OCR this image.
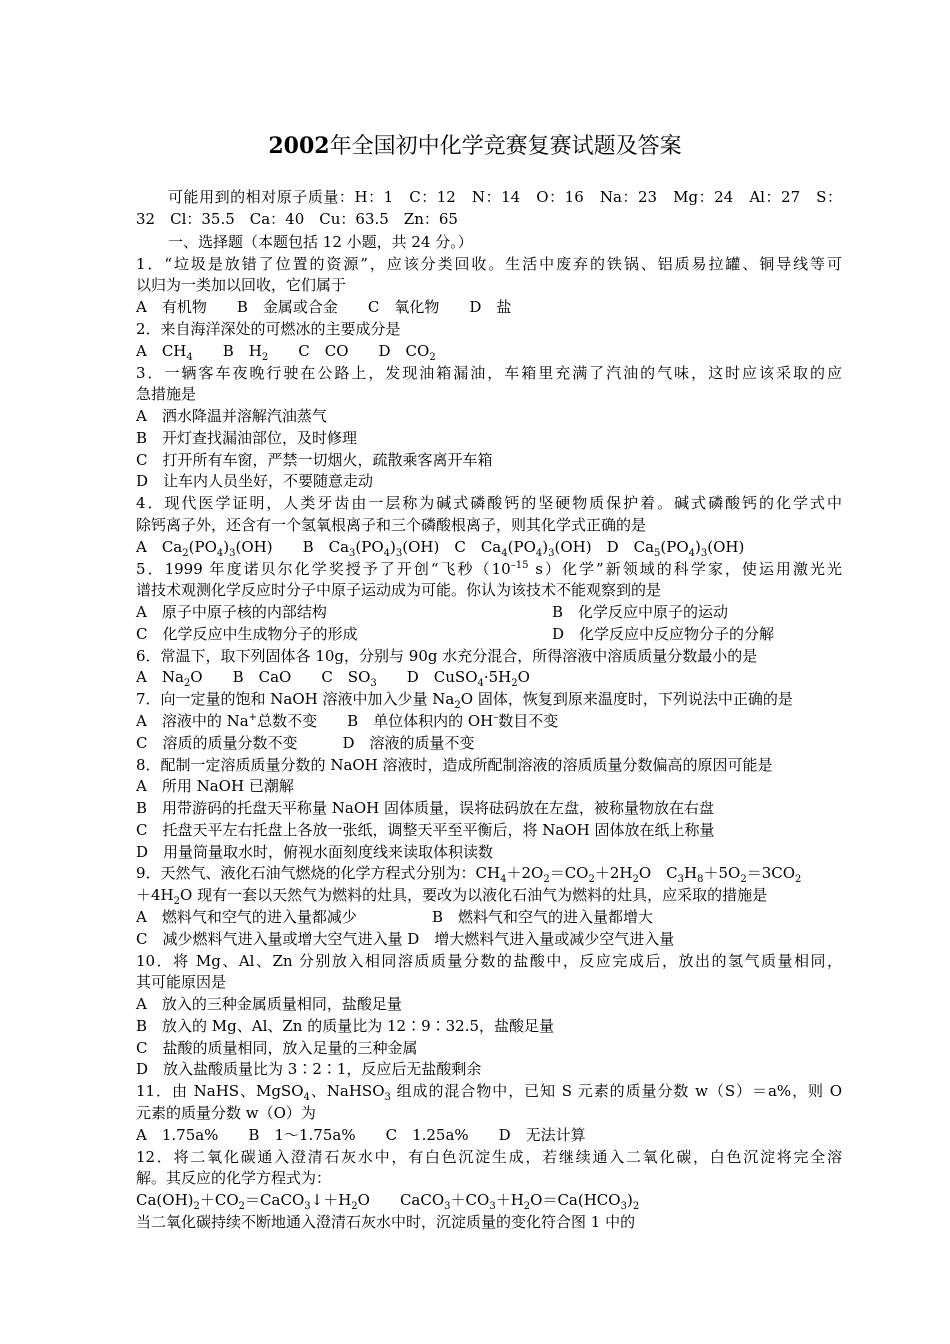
2002年全国初中化学竞赛复赛试题及答案
可能用到的相对原子质量：H：1　C：12　N：14　O：16　Na：23　Mg：24　Al：27　S：
32　Cl：35.5　Ca：40　Cu：63.5　Zn：65
一、选择题（本题包括 12 小题，共 24 分。）
1．“垃圾是放错了位置的资源”，应该分类回收。生活中废弃的铁锅、铝质易拉罐、铜导线等可
以归为一类加以回收，它们属于
A　有机物　　B　金属或合金　　C　氧化物　　D　盐
2．来自海洋深处的可燃冰的主要成分是
A　$CH_4$　　B　$H_2$　　C　CO　　D　$CO_2$
3．一辆客车夜晚行驶在公路上，发现油箱漏油，车箱里充满了汽油的气味，这时应该采取的应
急措施是
A　洒水降温并溶解汽油蒸气
B　开灯查找漏油部位，及时修理
C　打开所有车窗，严禁一切烟火，疏散乘客离开车箱
D　让车内人员坐好，不要随意走动
4．现代医学证明，人类牙齿由一层称为碱式磷酸钙的坚硬物质保护着。碱式磷酸钙的化学式中
除钙离子外，还含有一个氢氧根离子和三个磷酸根离子，则其化学式正确的是
A　$Ca_2(PO_4)_3(OH)$　　B　$Ca_3(PO_4)_3(OH)$　C　$Ca_4(PO_4)_3(OH)$　D　$Ca_5(PO_4)_3(OH)$
5．1999 年度诺贝尔化学奖授予了开创“飞秒（$10^{-15}$ s）化学”新领域的科学家，使运用激光光
谱技术观测化学反应时分子中原子运动成为可能。你认为该技术不能观察到的是
A　原子中原子核的内部结构	B　化学反应中原子的运动
C　化学反应中生成物分子的形成	D　化学反应中反应物分子的分解
6．常温下，取下列固体各 10g，分别与 90g 水充分混合，所得溶液中溶质质量分数最小的是
A　$Na_2O$　　B　CaO　　C　$SO_3$　　D　$CuSO_4\cdot 5H_2O$
7．向一定量的饱和 NaOH 溶液中加入少量 $Na_2O$ 固体，恢复到原来温度时，下列说法中正确的是
A　溶液中的 Na+总数不变　　B　单位体积内的 OH–数目不变
C　溶质的质量分数不变　　　D　溶液的质量不变
8．配制一定溶质质量分数的 NaOH 溶液时，造成所配制溶液的溶质质量分数偏高的原因可能是
A　所用 NaOH 已潮解
B　用带游码的托盘天平称量 NaOH 固体质量，误将砝码放在左盘，被称量物放在右盘
C　托盘天平左右托盘上各放一张纸，调整天平至平衡后，将 NaOH 固体放在纸上称量
D　用量筒量取水时，俯视水面刻度线来读取体积读数
9．天然气、液化石油气燃烧的化学方程式分别为：$CH_4+2O_2=CO_2+2H_2O$　$C_3H_8+5O_2=3CO_2$
$+4H_2O$ 现有一套以天然气为燃料的灶具，要改为以液化石油气为燃料的灶具，应采取的措施是
A　燃料气和空气的进入量都减少	B　燃料气和空气的进入量都增大
C　减少燃料气进入量或增大空气进入量 D　增大燃料气进入量或减少空气进入量
10．将 Mg、Al、Zn 分别放入相同溶质质量分数的盐酸中，反应完成后，放出的氢气质量相同，
其可能原因是
A　放入的三种金属质量相同，盐酸足量
B　放入的 Mg、Al、Zn 的质量比为 12∶9∶32.5，盐酸足量
C　盐酸的质量相同，放入足量的三种金属
D　放入盐酸质量比为 3∶2∶1，反应后无盐酸剩余
11．由 NaHS、MgSO$_4$、NaHSO$_3$ 组成的混合物中，已知 S 元素的质量分数 w（S）＝a%，则 O
元素的质量分数 w（O）为
A　1.75a%　　B　1～1.75a%　　C　1.25a%　　D　无法计算
12．将二氧化碳通入澄清石灰水中，有白色沉淀生成，若继续通入二氧化碳，白色沉淀将完全溶
解。其反应的化学方程式为：
$Ca(OH)_2+CO_2=CaCO_3↓+H_2O$　　$CaCO_3+CO_3+H_2O=Ca(HCO_3)_2$
当二氧化碳持续不断地通入澄清石灰水中时，沉淀质量的变化符合图 1 中的
